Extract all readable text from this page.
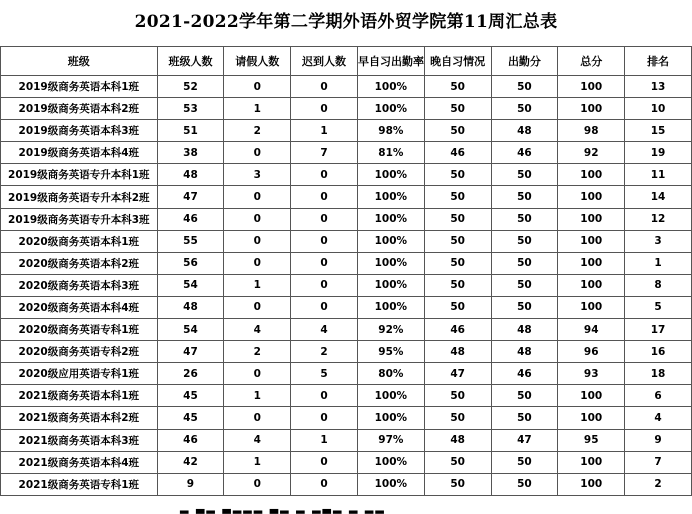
2021-2022学年第二学期外语外贸学院第11周汇总表
班级	班级人数	请假人数	迟到人数	早自习出勤率	晚自习情况	出勤分	总分	排名
2019级商务英语本科1班	52	0	0	100%	50	50	100	13
2019级商务英语本科2班	53	1	0	100%	50	50	100	10
2019级商务英语本科3班	51	2	1	98%	50	48	98	15
2019级商务英语本科4班	38	0	7	81%	46	46	92	19
2019级商务英语专升本科1班	48	3	0	100%	50	50	100	11
2019级商务英语专升本科2班	47	0	0	100%	50	50	100	14
2019级商务英语专升本科3班	46	0	0	100%	50	50	100	12
2020级商务英语本科1班	55	0	0	100%	50	50	100	3
2020级商务英语本科2班	56	0	0	100%	50	50	100	1
2020级商务英语本科3班	54	1	0	100%	50	50	100	8
2020级商务英语本科4班	48	0	0	100%	50	50	100	5
2020级商务英语专科1班	54	4	4	92%	46	48	94	17
2020级商务英语专科2班	47	2	2	95%	48	48	96	16
2020级应用英语专科1班	26	0	5	80%	47	46	93	18
2021级商务英语本科1班	45	1	0	100%	50	50	100	6
2021级商务英语本科2班	45	0	0	100%	50	50	100	4
2021级商务英语本科3班	46	4	1	97%	48	47	95	9
2021级商务英语本科4班	42	1	0	100%	50	50	100	7
2021级商务英语专科1班	9	0	0	100%	50	50	100	2
▂ ▃▂ ▃▂▂▂ ▃▂ ▂ ▂▃▂ ▂ ▂▂
